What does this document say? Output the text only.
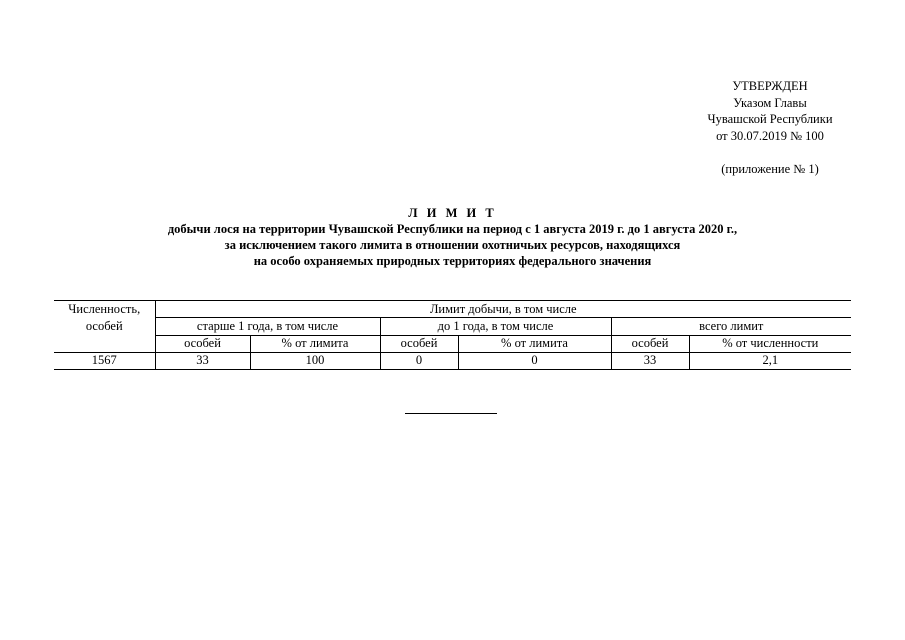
УТВЕРЖДЕН
Указом Главы
Чувашской Республики
от 30.07.2019 № 100
(приложение № 1)
Л И М И Т
добычи лося на территории Чувашской Республики на период с 1 августа 2019 г. до 1 августа 2020 г.,
за исключением такого лимита в отношении охотничьих ресурсов, находящихся
на особо охраняемых природных территориях федерального значения
Численность,
особей	Лимит добычи, в том числе					
	старше 1 года, в том числе		до 1 года, в том числе		всего лимит	
	особей	% от лимита	особей	% от лимита	особей	% от численности
1567	33	100	0	0	33	2,1
